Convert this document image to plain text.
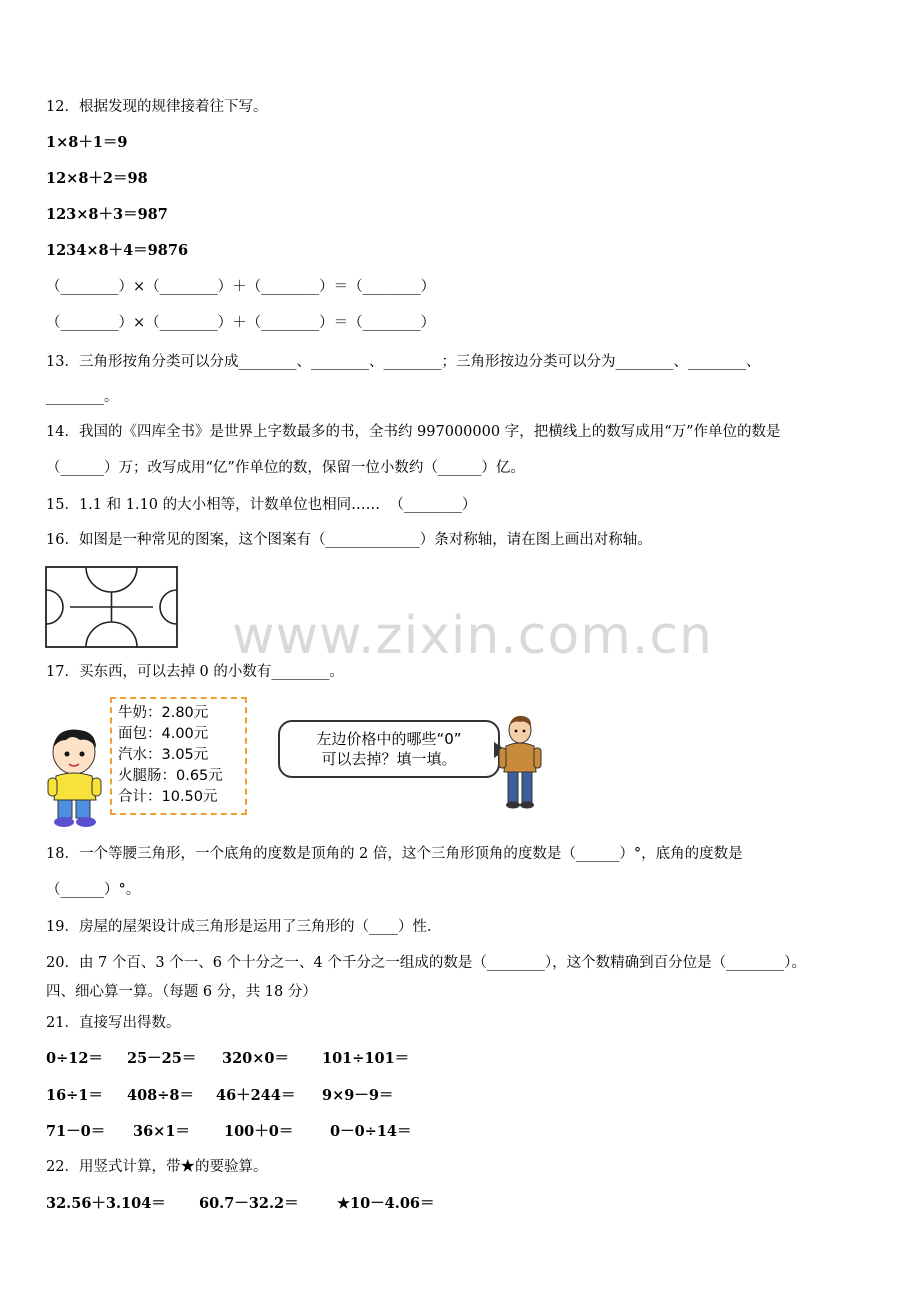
www.zixin.com.cn
12．根据发现的规律接着往下写。
1×8＋1＝9
12×8＋2＝98
123×8＋3＝987
1234×8＋4＝9876
（________）×（________）＋（________）＝（________）
（________）×（________）＋（________）＝（________）
13．三角形按角分类可以分成________、________、________；三角形按边分类可以分为________、________、
________。
14．我国的《四库全书》是世界上字数最多的书，全书约 997000000 字，把横线上的数写成用“万”作单位的数是
（______）万；改写成用“亿”作单位的数，保留一位小数约（______）亿。
15．1.1 和 1.10 的大小相等，计数单位也相同……  （________）
16．如图是一种常见的图案，这个图案有（_____________）条对称轴，请在图上画出对称轴。
17．买东西，可以去掉 0 的小数有________。
牛奶：2.80元
面包：4.00元
汽水：3.05元
火腿肠：0.65元
合计：10.50元
左边价格中的哪些“0”
可以去掉？填一填。
18．一个等腰三角形，一个底角的度数是顶角的 2 倍，这个三角形顶角的度数是（______）°，底角的度数是
（______）°。
19．房屋的屋架设计成三角形是运用了三角形的（____）性．
20．由 7 个百、3 个一、6 个十分之一、4 个千分之一组成的数是（________），这个数精确到百分位是（________）。
四、细心算一算。（每题 6 分，共 18 分）
21．直接写出得数。
0÷12＝ 25－25＝ 320×0＝ 101÷101＝
16÷1＝ 408÷8＝ 46＋244＝ 9×9－9＝
71－0＝ 36×1＝ 100＋0＝	0－0÷14＝
22．用竖式计算，带★的要验算。
32.56＋3.104＝ 60.7－32.2＝	★10－4.06＝
